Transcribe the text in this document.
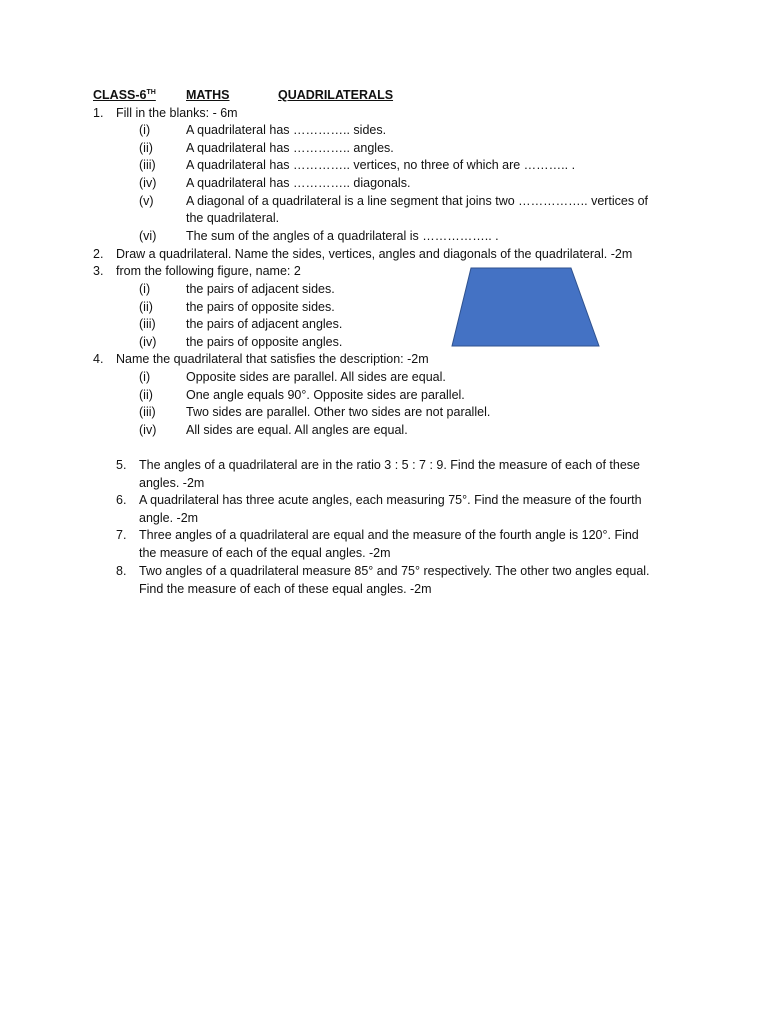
CLASS-6TH MATHS	QUADRILATERALS
1. Fill in the blanks: - 6m
(i)	A quadrilateral has ………….. sides.
(ii)	A quadrilateral has ………….. angles.
(iii) A quadrilateral has ………….. vertices, no three of which are ……….. .
(iv) A quadrilateral has ………….. diagonals.
(v)	A diagonal of a quadrilateral is a line segment that joins two …………….. vertices of
the quadrilateral.
(vi) The sum of the angles of a quadrilateral is …………….. .
2. Draw a quadrilateral. Name the sides, vertices, angles and diagonals of the quadrilateral. -2m
3. from the following figure, name: 2
(i)	the pairs of adjacent sides.
(ii)	the pairs of opposite sides.
(iii) the pairs of adjacent angles.
(iv) the pairs of opposite angles.
4. Name the quadrilateral that satisfies the description: -2m
(i)	Opposite sides are parallel. All sides are equal.
(ii)	One angle equals 90°. Opposite sides are parallel.
(iii) Two sides are parallel. Other two sides are not parallel.
(iv) All sides are equal. All angles are equal.
5. The angles of a quadrilateral are in the ratio 3 : 5 : 7 : 9. Find the measure of each of these
angles. -2m
6. A quadrilateral has three acute angles, each measuring 75°. Find the measure of the fourth
angle. -2m
7. Three angles of a quadrilateral are equal and the measure of the fourth angle is 120°. Find
the measure of each of the equal angles. -2m
8. Two angles of a quadrilateral measure 85° and 75° respectively. The other two angles equal.
Find the measure of each of these equal angles. -2m
